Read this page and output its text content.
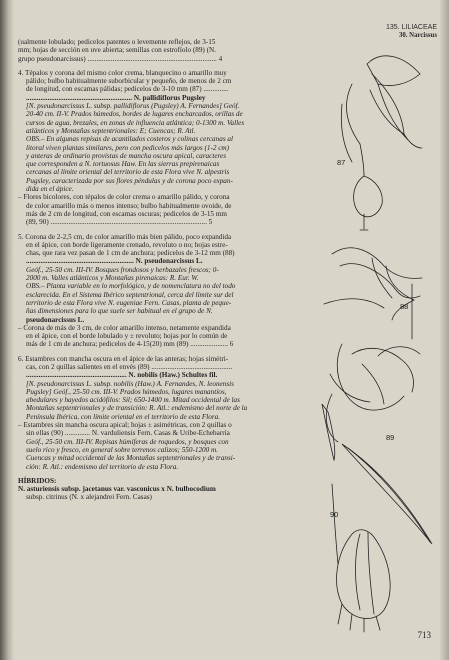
135. LILIACEAE
30. Narcissus
(ualmente lobulado; pedicelos patentes o levemente reflejos, de 3-15
mm; hojas de sección en uve abierta; semillas con estrofíolo (89) (N.
grupo pseudonarcissus) ........................................................................ 4
4. Tépalos y corona del mismo color crema, blanquecino o amarillo muy
pálido; bulbo habitualmente suborbicular y pequeño, de menos de 2 cm
de longitud, con escamas pálidas; pedicelos de 3-10 mm (87) ..............
........................................................... N. pallidiflorus Pugsley
[N. pseudonarcissus L. subsp. pallidiflorus (Pugsley) A. Fernandes] Geóf.
20-40 cm. II-V. Prados húmedos, bordes de lugares encharcados, orillas de
cursos de agua, brezales, en zonas de influencia atlántica; 0-1300 m. Valles
atlánticos y Montañas septentrionales: E; Cuencas; R. Atl.
OBS.– En algunas repisas de acantilados costeros y colinas cercanas al
litoral viven plantas similares, pero con pedicelos más largos (1-2 cm)
y anteras de ordinario provistas de mancha oscura apical, caracteres
que corresponden a N. tortuosus Haw. En las sierras prepirenaicas
cercanas al límite oriental del territorio de esta Flora vive N. alpestris
Pugsley, caracterizada por sus flores péndulas y de corona poco expan-
dida en el ápice.
– Flores bicolores, con tépalos de color crema o amarillo pálido, y corona
de color amarillo más o menos intenso; bulbo habitualmente ovoide, de
más de 2 cm de longitud, con escamas oscuras; pedicelos de 3-15 mm
(89, 90) ....................................................................................... 5
5. Corona de 2-2,5 cm, de color amarillo más bien pálido, poco expandida
en el ápice, con borde ligeramente crenado, revoluto o no; hojas estre-
chas, que rara vez pasan de 1 cm de anchura; pedicelos de 3-12 mm (88)
............................................................ N. pseudonarcissus L.
Geóf., 25-50 cm. III-IV. Bosques frondosos y herbazales frescos; 0-
2000 m. Valles atlánticos y Montañas pirenaicas: R. Eur. W.
OBS.– Planta variable en lo morfológico, y de nomenclatura no del todo
esclarecida. En el Sistema Ibérico septentrional, cerca del límite sur del
territorio de esta Flora vive N. eugeniae Fern. Casas, planta de peque-
ñas dimensiones para lo que suele ser habitual en el grupo de N.
pseudonarcissus L.
– Corona de más de 3 cm, de color amarillo intenso, netamente expandida
en el ápice, con el borde lobulado y ± revoluto; hojas por lo común de
más de 1 cm de anchura; pedicelos de 4-15(20) mm (89) ..................... 6
6. Estambres con mancha oscura en el ápice de las anteras; hojas simétri-
cas, con 2 quillas salientes en el envés (89) .............................................
........................................................ N. nobilis (Haw.) Schultes fil.
[N. pseudonarcissus L. subsp. nobilis (Haw.) A. Fernandes, N. leonensis
Pugsley] Geóf., 25-50 cm. III-V. Prados húmedos, lugares manantíos,
abedulares y hayedos acidófilos: Sil; 650-1400 m. Mitad occidental de las
Montañas septentrionales y de transición: R. Atl.: endemismo del norte de la
Península Ibérica, con límite oriental en el territorio de esta Flora.
– Estambres sin mancha oscura apical; hojas ± asimétricas, con 2 quillas o
sin ellas (90) .............. N. varduliensis Fern. Casas & Uribe-Echebarría
Geóf., 25-50 cm. III-IV. Repisas húmíferas de roquedos, y bosques con
suelo rico y fresco, en general sobre terrenos calizos; 550-1200 m.
Cuencas y mitad occidental de las Montañas septentrionales y de transi-
ción: R. Atl.: endemismo del territorio de esta Flora.
HÍBRIDOS:
N. asturiensis subsp. jacetanus var. vasconicus x N. bulbocodium
subsp. citrinus (N. x alejandrei Fern. Casas)
87
88
89
90
713
